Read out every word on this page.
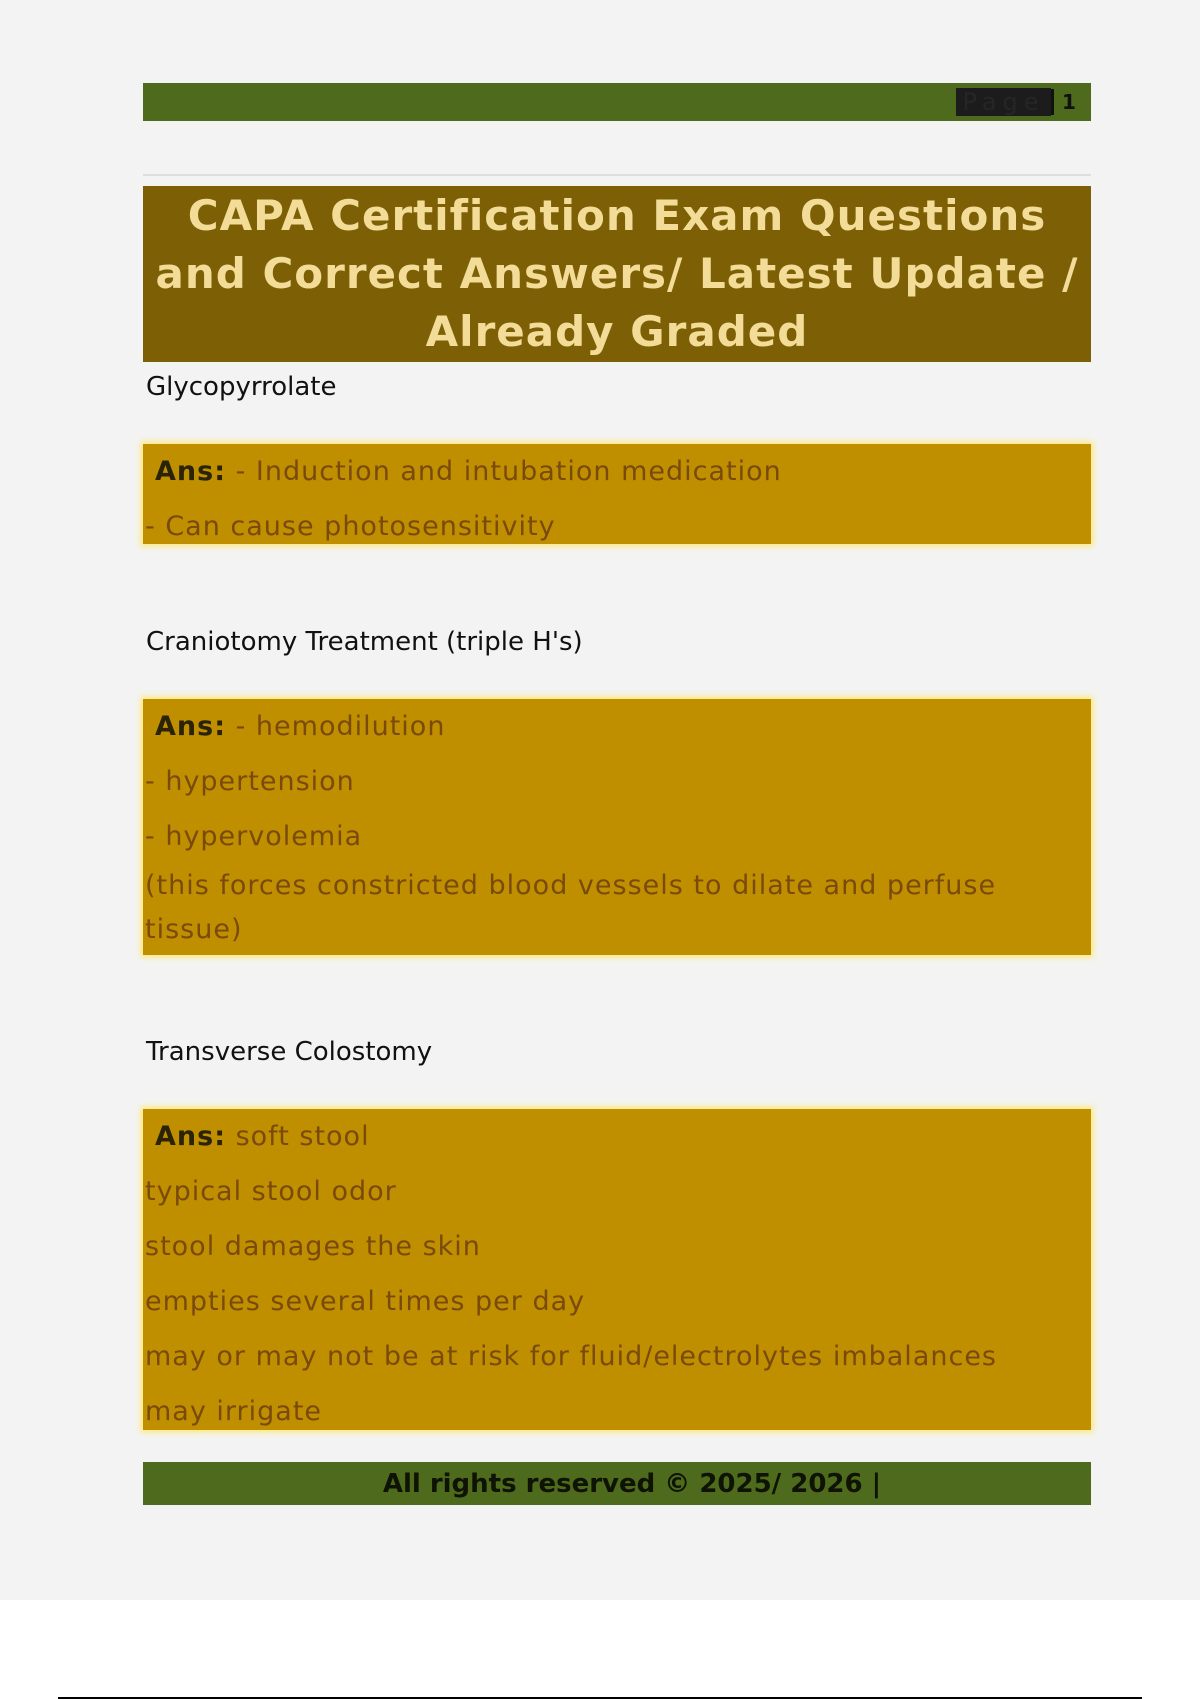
Page 1
CAPA Certification Exam Questions and Correct Answers/ Latest Update / Already Graded
Glycopyrrolate
Ans: - Induction and intubation medication
- Can cause photosensitivity
Craniotomy Treatment (triple H's)
Ans: - hemodilution
- hypertension
- hypervolemia
(this forces constricted blood vessels to dilate and perfuse tissue)
Transverse Colostomy
Ans: soft stool
typical stool odor
stool damages the skin
empties several times per day
may or may not be at risk for fluid/electrolytes imbalances
may irrigate
All rights reserved © 2025/ 2026 |
